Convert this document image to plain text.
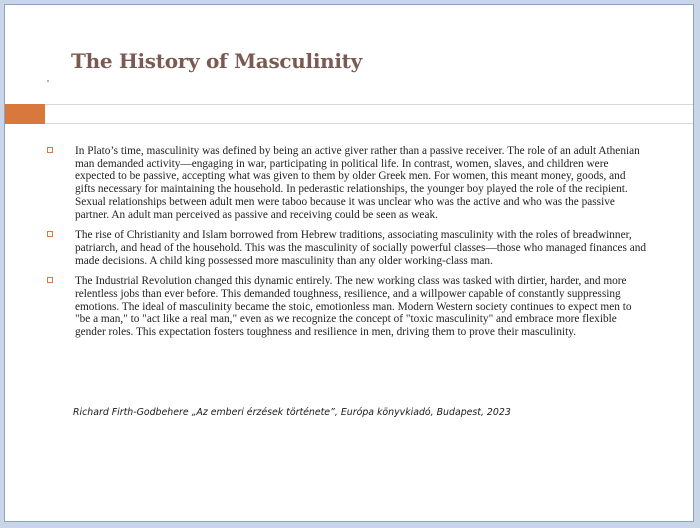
The History of Masculinity
In Plato’s time, masculinity was defined by being an active giver rather than a passive receiver. The role of an adult Athenian man demanded activity—engaging in war, participating in political life. In contrast, women, slaves, and children were expected to be passive, accepting what was given to them by older Greek men. For women, this meant money, goods, and gifts necessary for maintaining the household. In pederastic relationships, the younger boy played the role of the recipient. Sexual relationships between adult men were taboo because it was unclear who was the active and who was the passive partner. An adult man perceived as passive and receiving could be seen as weak.
The rise of Christianity and Islam borrowed from Hebrew traditions, associating masculinity with the roles of breadwinner, patriarch, and head of the household. This was the masculinity of socially powerful classes—those who managed finances and made decisions. A child king possessed more masculinity than any older working-class man.
The Industrial Revolution changed this dynamic entirely. The new working class was tasked with dirtier, harder, and more relentless jobs than ever before. This demanded toughness, resilience, and a willpower capable of constantly suppressing emotions. The ideal of masculinity became the stoic, emotionless man. Modern Western society continues to expect men to "be a man," to "act like a real man," even as we recognize the concept of "toxic masculinity" and embrace more flexible gender roles. This expectation fosters toughness and resilience in men, driving them to prove their masculinity.
Richard Firth-Godbehere „Az emberi érzések története”, Európa könyvkiadó, Budapest, 2023
